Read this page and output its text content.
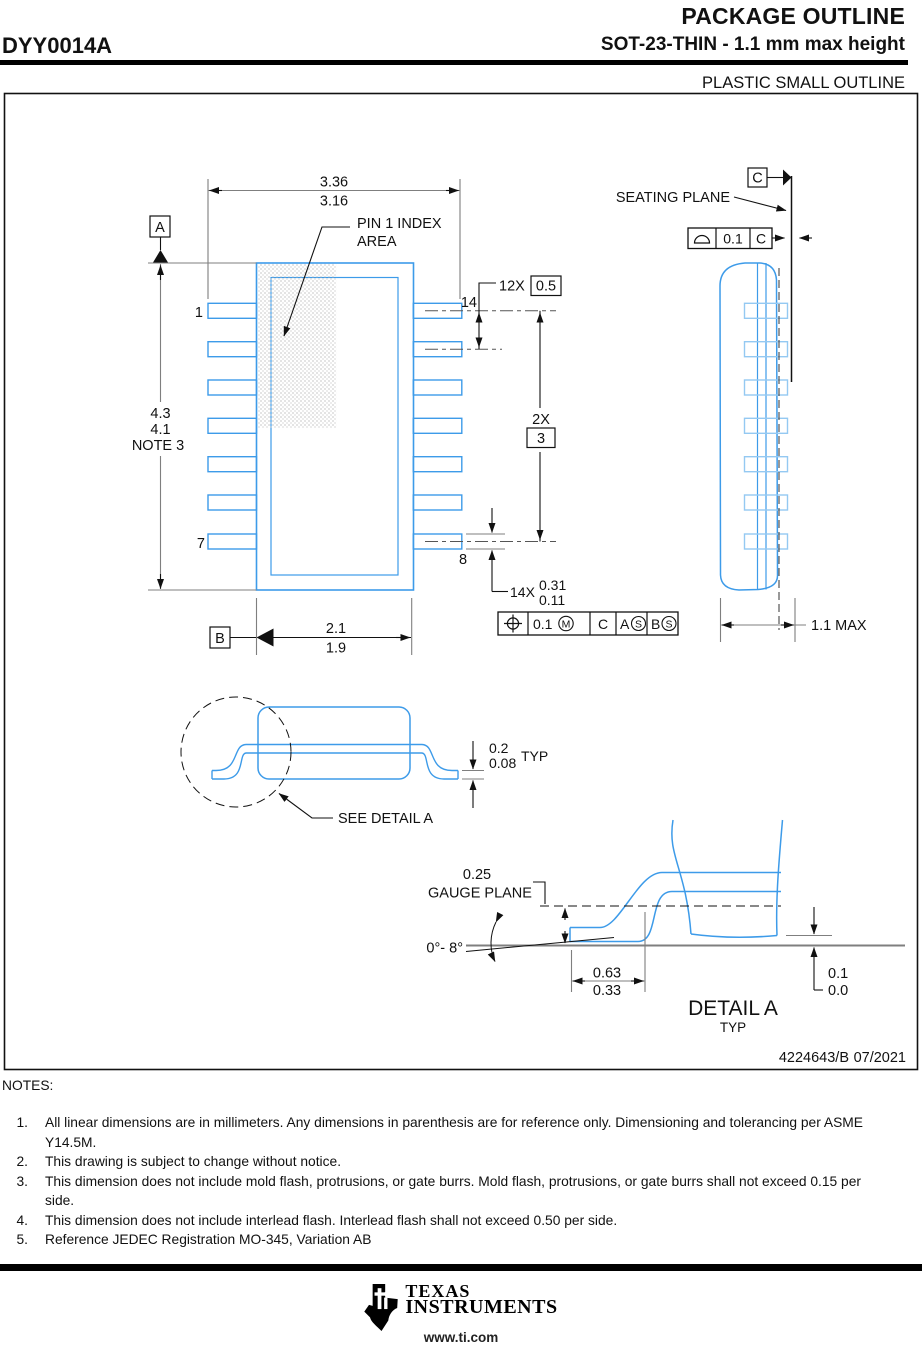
PACKAGE OUTLINE
DYY0014A	SOT-23-THIN - 1.1 mm max height
PLASTIC SMALL OUTLINE
3.36
3.16
PIN 1 INDEX
AREA
A
4.3
4.1
NOTE 3
1
7
14
8
12X 0.5
2X
3
14X 0.31
0.11
0.1 M C A S B S
B
2.1
1.9
C
SEATING PLANE
0.1 C
1.1 MAX
SEE DETAIL A
0.2
0.08 TYP
0.25
GAUGE PLANE
0°- 8°
0.63
0.33
0.1
0.0
DETAIL A
TYP
4224643/B 07/2021

NOTES:

1. All linear dimensions are in millimeters. Any dimensions in parenthesis are for reference only. Dimensioning and tolerancing per ASME Y14.5M.
2. This drawing is subject to change without notice.
3. This dimension does not include mold flash, protrusions, or gate burrs. Mold flash, protrusions, or gate burrs shall not exceed 0.15 per side.
4. This dimension does not include interlead flash. Interlead flash shall not exceed 0.50 per side.
5. Reference JEDEC Registration MO-345, Variation AB
TEXAS
INSTRUMENTS
www.ti.com
